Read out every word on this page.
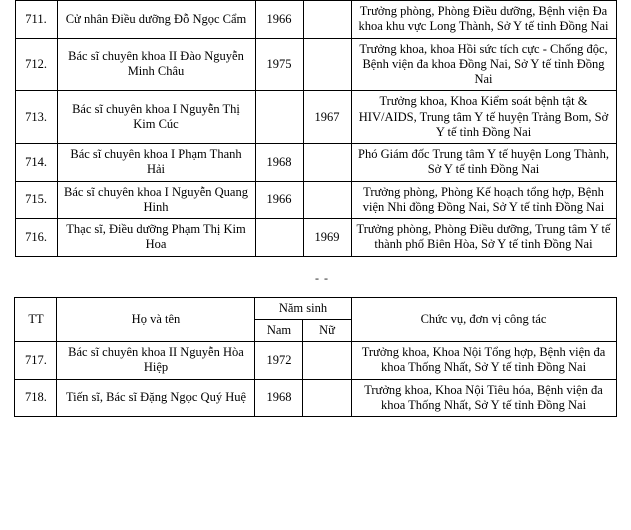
711.	Cử nhân Điều dưỡng Đỗ Ngọc Cẩm	1966		Trưởng phòng, Phòng Điều dưỡng, Bệnh viện Đa khoa khu vực Long Thành, Sở Y tế tỉnh Đồng Nai
712.	Bác sĩ chuyên khoa II Đào Nguyễn Minh Châu	1975		Trưởng khoa, khoa Hồi sức tích cực - Chống độc, Bệnh viện đa khoa Đồng Nai, Sở Y tế tỉnh Đồng Nai
713.	Bác sĩ chuyên khoa I Nguyễn Thị Kim Cúc		1967	Trưởng khoa, Khoa Kiểm soát bệnh tật & HIV/AIDS, Trung tâm Y tế huyện Trảng Bom, Sở Y tế tỉnh Đồng Nai
714.	Bác sĩ chuyên khoa I Phạm Thanh Hải	1968		Phó Giám đốc Trung tâm Y tế huyện Long Thành, Sở Y tế tỉnh Đồng Nai
715.	Bác sĩ chuyên khoa I Nguyễn Quang Hinh	1966		Trưởng phòng, Phòng Kế hoạch tổng hợp, Bệnh viện Nhi đồng Đồng Nai, Sở Y tế tỉnh Đồng Nai
716.	Thạc sĩ, Điều dưỡng Phạm Thị Kim Hoa		1969	Trưởng phòng, Phòng Điều dưỡng, Trung tâm Y tế thành phố Biên Hòa, Sở Y tế tỉnh Đồng Nai
- -
TT	Họ và tên	Năm sinh		Chức vụ, đơn vị công tác
		Nam	Nữ	
717.	Bác sĩ chuyên khoa II Nguyễn Hòa Hiệp	1972		Trưởng khoa, Khoa Nội Tổng hợp, Bệnh viện đa khoa Thống Nhất, Sở Y tế tỉnh Đồng Nai
718.	Tiến sĩ, Bác sĩ Đặng Ngọc Quý Huệ	1968		Trưởng khoa, Khoa Nội Tiêu hóa, Bệnh viện đa khoa Thống Nhất, Sở Y tế tỉnh Đồng Nai
